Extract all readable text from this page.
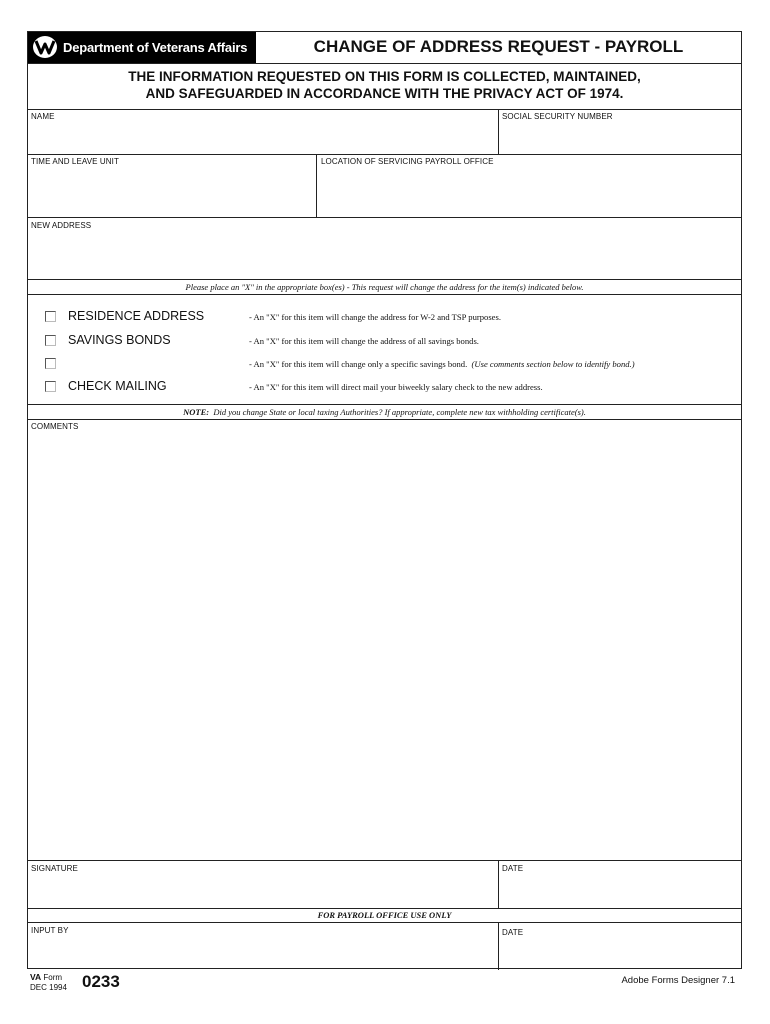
Department of Veterans Affairs	CHANGE OF ADDRESS REQUEST - PAYROLL
THE INFORMATION REQUESTED ON THIS FORM IS COLLECTED, MAINTAINED,
AND SAFEGUARDED IN ACCORDANCE WITH THE PRIVACY ACT OF 1974.
NAME	SOCIAL SECURITY NUMBER
TIME AND LEAVE UNIT	LOCATION OF SERVICING PAYROLL OFFICE
NEW ADDRESS
Please place an "X" in the appropriate box(es) - This request will change the address for the item(s) indicated below.
RESIDENCE ADDRESS	- An "X" for this item will change the address for W-2 and TSP purposes.
SAVINGS BONDS	- An "X" for this item will change the address of all savings bonds.
- An "X" for this item will change only a specific savings bond. (Use comments section below to identify bond.)
CHECK MAILING	- An "X" for this item will direct mail your biweekly salary check to the new address.
NOTE: Did you change State or local taxing Authorities? If appropriate, complete new tax withholding certificate(s).
COMMENTS
SIGNATURE	DATE
FOR PAYROLL OFFICE USE ONLY
INPUT BY	DATE
VA Form
DEC 1994 0233	Adobe Forms Designer 7.1
